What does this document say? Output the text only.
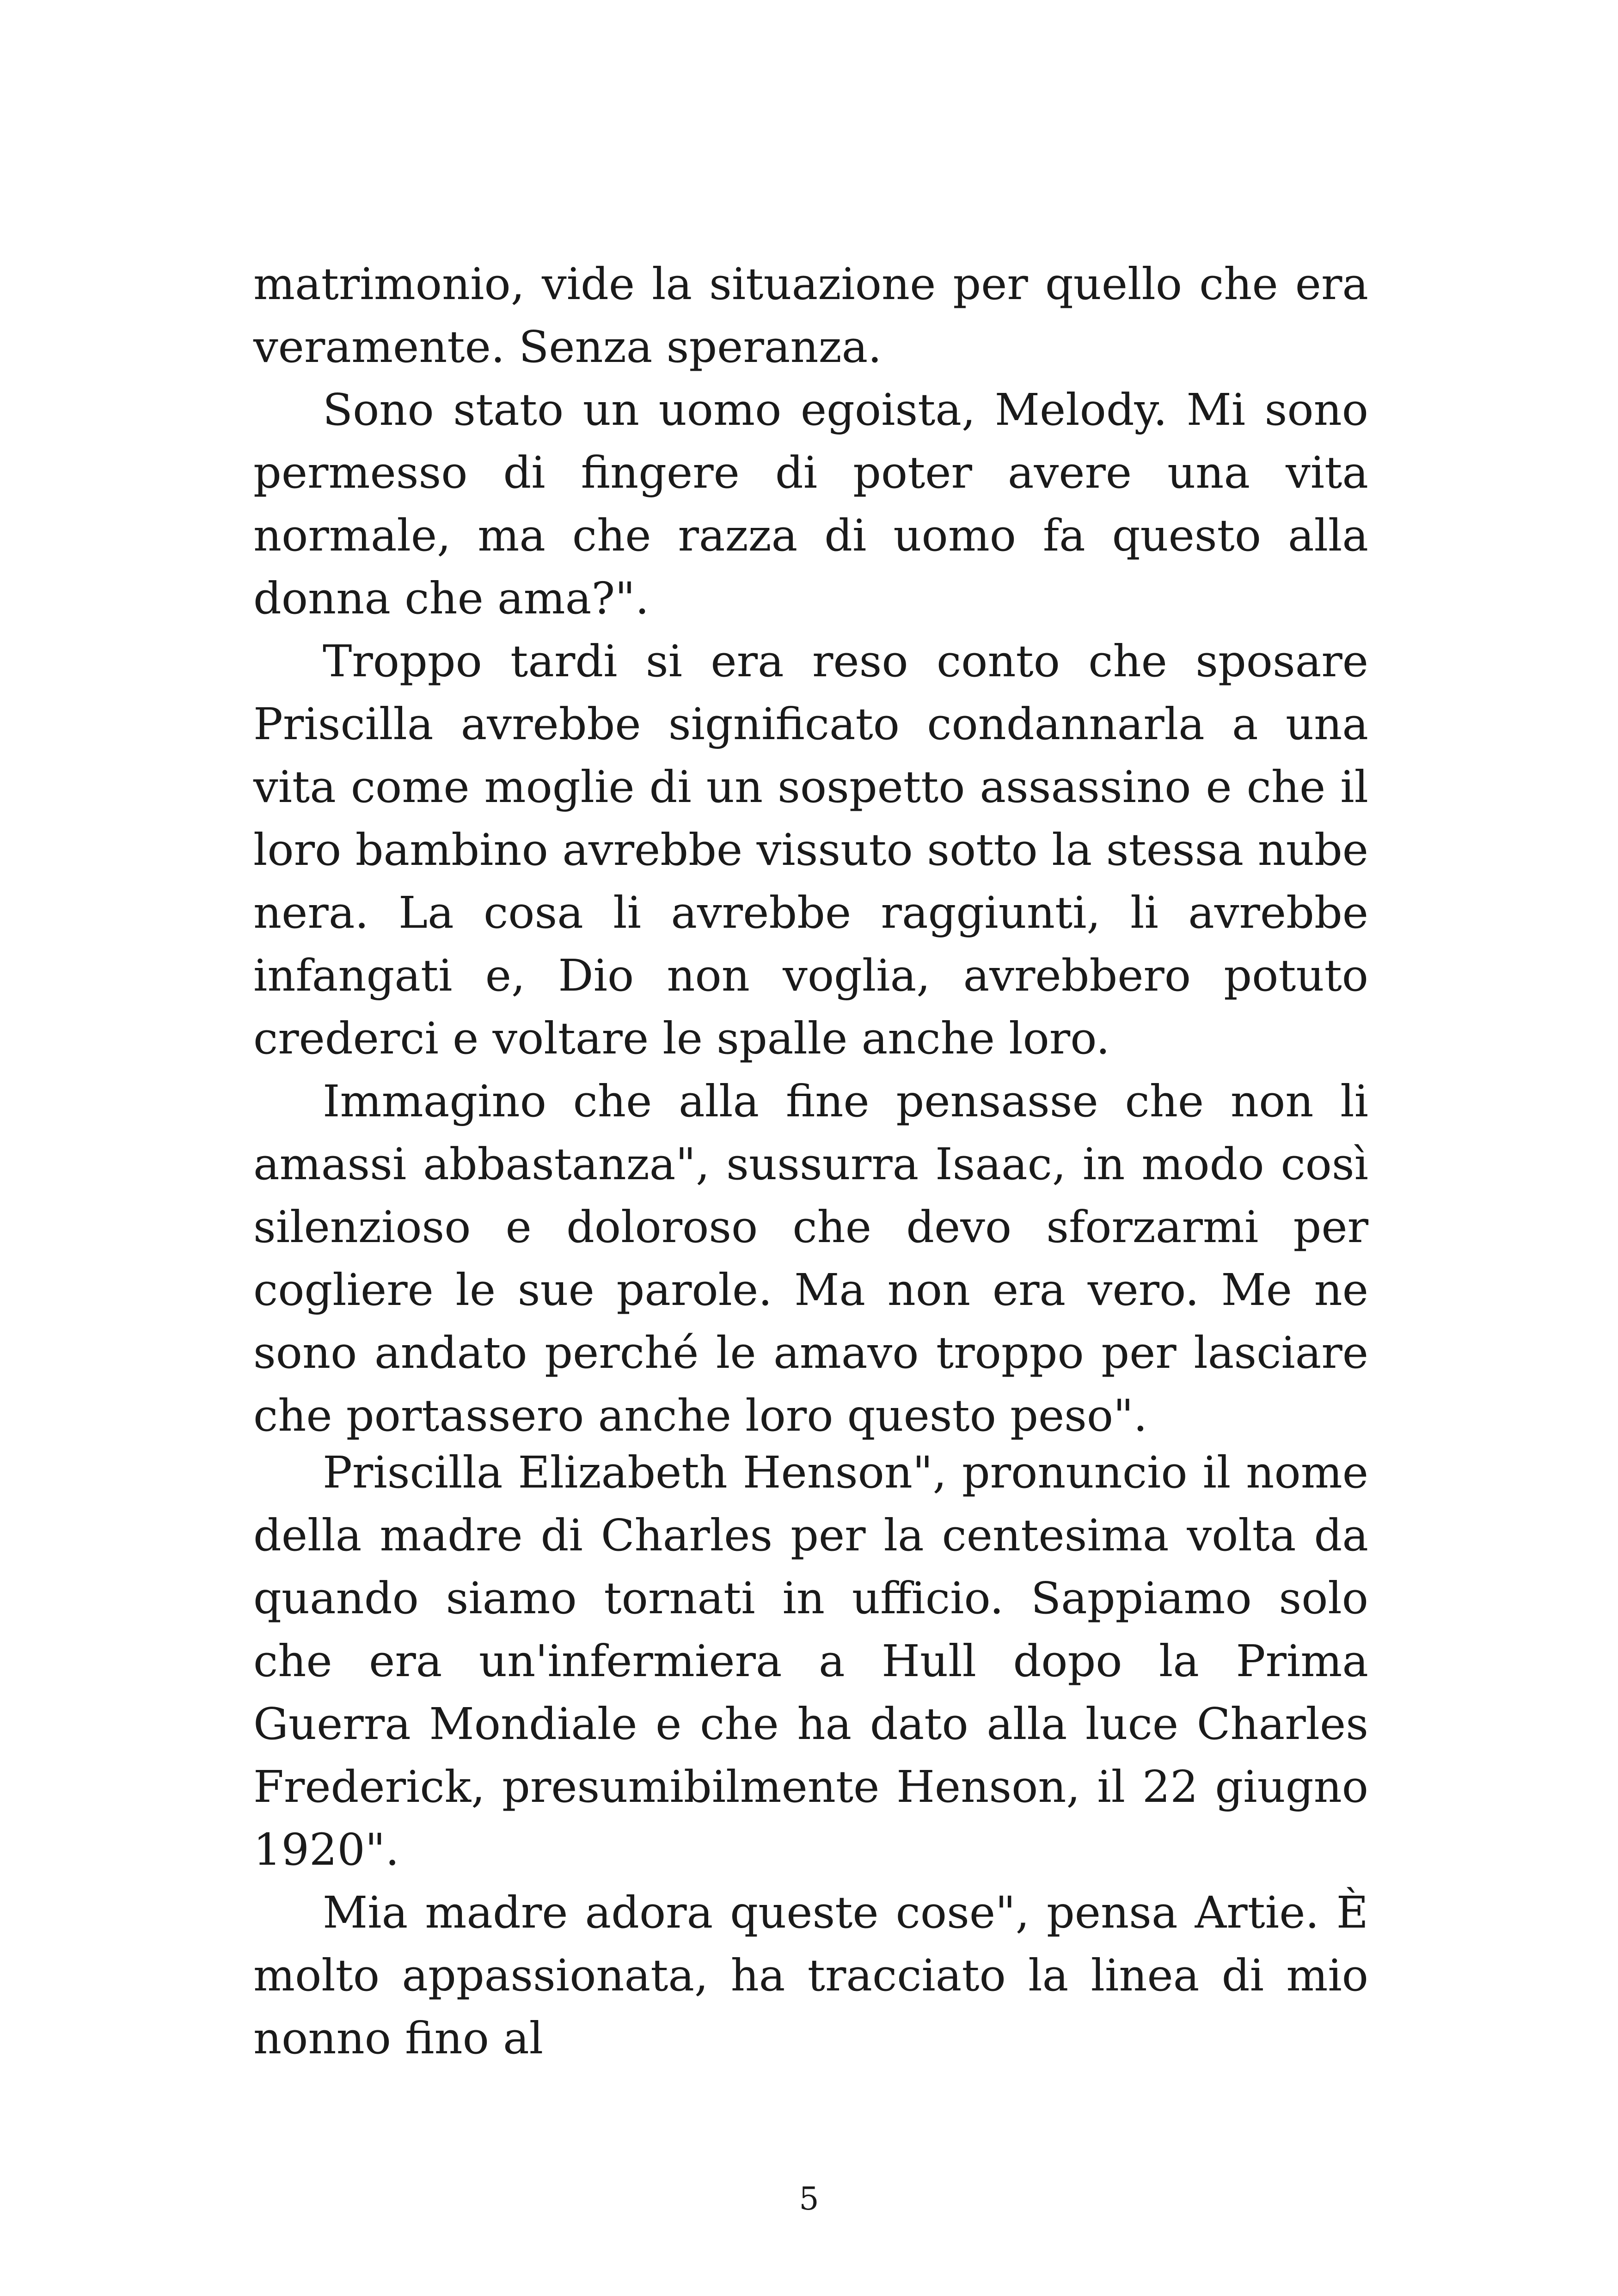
matrimonio, vide la situazione per quello che era veramente. Senza speranza.

Sono stato un uomo egoista, Melody. Mi sono permesso di fingere di poter avere una vita normale, ma che razza di uomo fa questo alla donna che ama?".

Troppo tardi si era reso conto che sposare Priscilla avrebbe significato condannarla a una vita come moglie di un sospetto assassino e che il loro bambino avrebbe vissuto sotto la stessa nube nera. La cosa li avrebbe raggiunti, li avrebbe infangati e, Dio non voglia, avrebbero potuto crederci e voltare le spalle anche loro.

Immagino che alla fine pensasse che non li amassi abbastanza", sussurra Isaac, in modo così silenzioso e doloroso che devo sforzarmi per cogliere le sue parole. Ma non era vero. Me ne sono andato perché le amavo troppo per lasciare che portassero anche loro questo peso".

Priscilla Elizabeth Henson", pronuncio il nome della madre di Charles per la centesima volta da quando siamo tornati in ufficio. Sappiamo solo che era un'infermiera a Hull dopo la Prima Guerra Mondiale e che ha dato alla luce Charles Frederick, presumibilmente Henson, il 22 giugno 1920".

Mia madre adora queste cose", pensa Artie. È molto appassionata, ha tracciato la linea di mio nonno fino al

5
